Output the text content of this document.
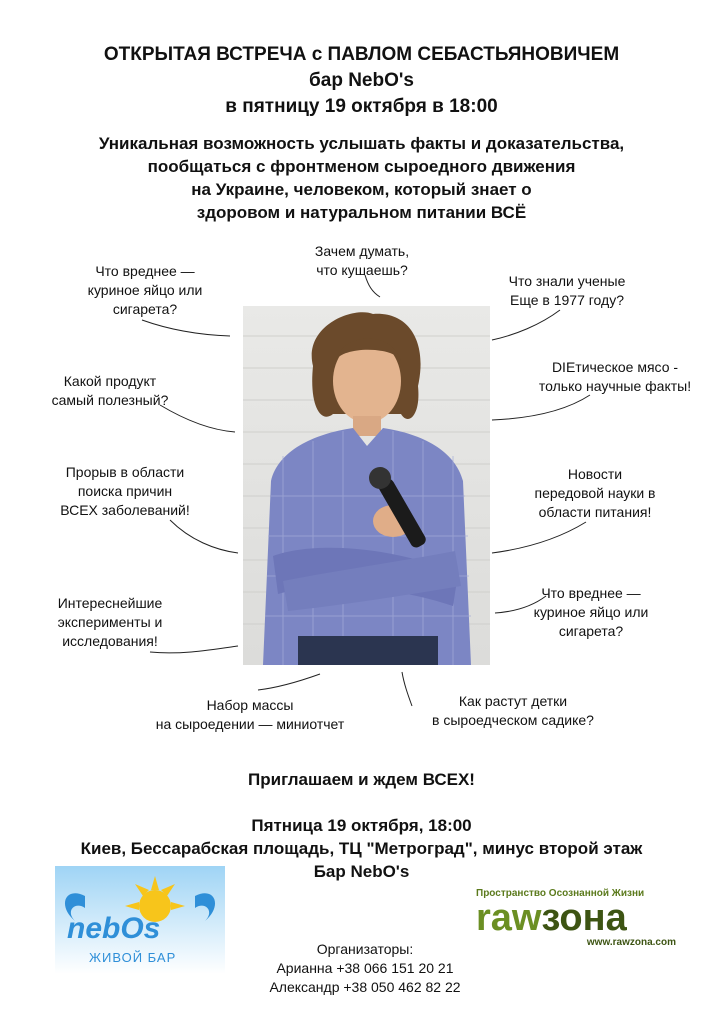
ОТКРЫТАЯ ВСТРЕЧА с ПАВЛОМ СЕБАСТЬЯНОВИЧЕМ
бар NebO's
в пятницу 19 октября в 18:00
Уникальная возможность услышать факты и доказательства,
пообщаться с фронтменом сыроедного движения
на Украине, человеком, который знает о
здоровом и натуральном питании ВСЁ
Зачем думать,
что кушаешь?
Что вреднее —
куриное яйцо или
сигарета?
Что знали ученые
Еще в 1977 году?
Какой продукт
самый полезный?
DIEтическое мясо -
только научные факты!
Прорыв в области
поиска причин
ВСЕХ заболеваний!
Новости
передовой науки в
области питания!
Интереснейшие
эксперименты и
исследования!
Что вреднее —
куриное яйцо или
сигарета?
Набор массы
на сыроедении — миниотчет
Как растут детки
в сыроедческом садике?
Приглашаем и ждем ВСЕХ!
Пятница 19 октября, 18:00
Киев, Бессарабская площадь, ТЦ "Метроград", минус второй этаж
Бар NebO's
nebOs
ЖИВОЙ БАР
Организаторы:
Арианна +38 066 151 20 21
Александр +38 050 462 82 22
Пространство Осознанной Жизни
rawзона
www.rawzona.com
